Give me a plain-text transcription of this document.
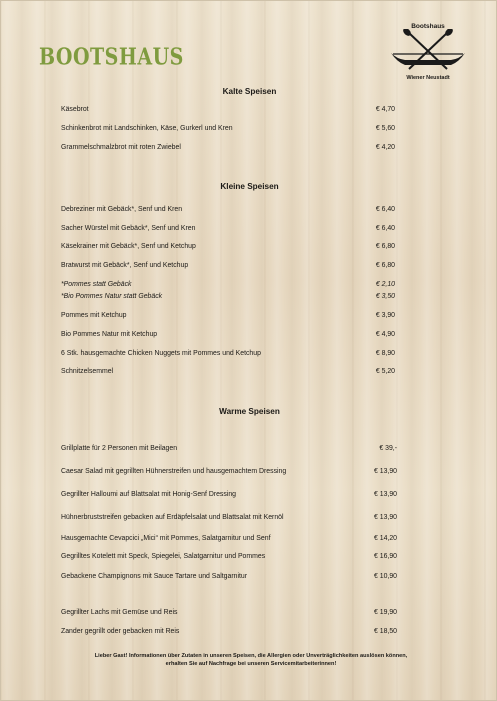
BOOTSHAUS
Bootshaus
Wiener Neustadt
Kalte Speisen
Käsebrot	€ 4,70
Schinkenbrot mit Landschinken, Käse, Gurkerl und Kren	€ 5,60
Grammelschmalzbrot mit roten Zwiebel	€ 4,20
Kleine Speisen
Debreziner mit Gebäck*, Senf und Kren	€ 6,40
Sacher Würstel mit Gebäck*, Senf und Kren	€ 6,40
Käsekrainer mit Gebäck*, Senf und Ketchup	€ 6,80
Bratwurst mit Gebäck*, Senf und Ketchup	€ 6,80
*Pommes statt Gebäck	€ 2,10
*Bio Pommes Natur statt Gebäck	€ 3,50
Pommes mit Ketchup	€ 3,90
Bio Pommes Natur mit Ketchup	€ 4,90
6 Stk. hausgemachte Chicken Nuggets mit Pommes und Ketchup	€ 8,90
Schnitzelsemmel	€ 5,20
Warme Speisen
Grillplatte für 2 Personen mit Beilagen	€ 39,-
Caesar Salad mit gegrillten Hühnerstreifen und hausgemachtem Dressing	€ 13,90
Gegrillter Halloumi auf Blattsalat mit Honig-Senf Dressing	€ 13,90
Hühnerbruststreifen gebacken auf Erdäpfelsalat und Blattsalat mit Kernöl	€ 13,90
Hausgemachte Cevapcici „Mici“ mit Pommes, Salatgarnitur und Senf	€ 14,20
Gegrilltes Kotelett mit Speck, Spiegelei, Salatgarnitur und Pommes	€ 16,90
Gebackene Champignons mit Sauce Tartare und Saltgarnitur	€ 10,90
Gegrillter Lachs mit Gemüse und Reis	€ 19,90
Zander gegrillt oder gebacken mit Reis	€ 18,50
Lieber Gast! Informationen über Zutaten in unseren Speisen, die Allergien oder Unverträglichkeiten auslösen können,
erhalten Sie auf Nachfrage bei unseren Servicemitarbeiterinnen!
